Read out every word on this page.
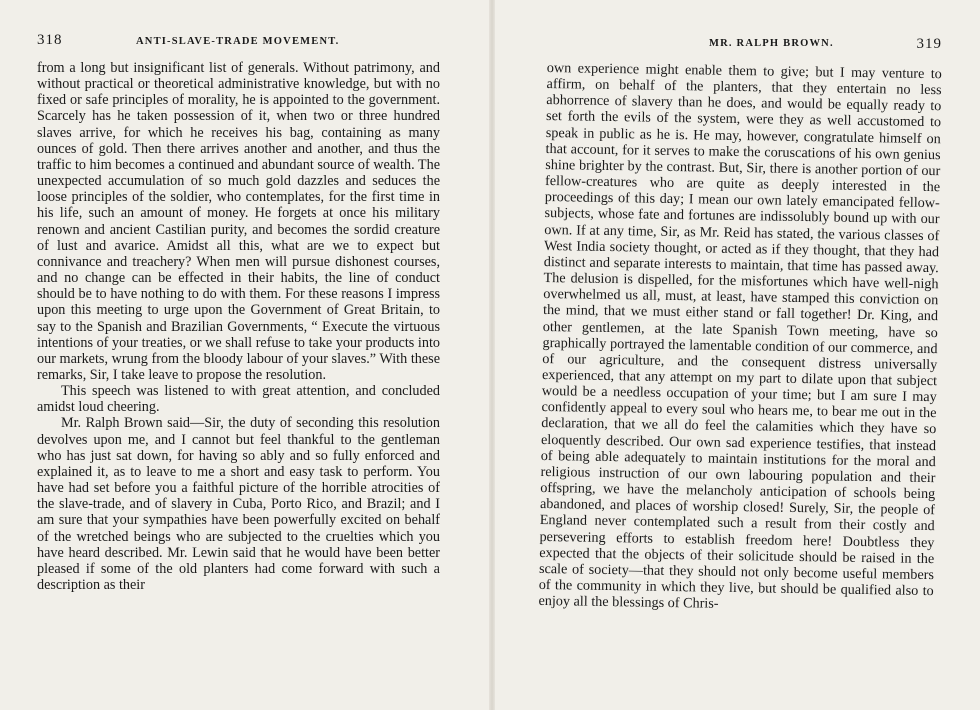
318	ANTI-SLAVE-TRADE MOVEMENT.

from a long but insignificant list of generals. Without patrimony, and without practical or theoretical administrative knowledge, but with no fixed or safe principles of morality, he is appointed to the government. Scarcely has he taken possession of it, when two or three hundred slaves arrive, for which he receives his bag, containing as many ounces of gold. Then there arrives another and another, and thus the traffic to him becomes a continued and abundant source of wealth. The unexpected accumulation of so much gold dazzles and seduces the loose principles of the soldier, who contemplates, for the first time in his life, such an amount of money. He forgets at once his military renown and ancient Castilian purity, and becomes the sordid creature of lust and avarice. Amidst all this, what are we to expect but connivance and treachery? When men will pursue dishonest courses, and no change can be effected in their habits, the line of conduct should be to have nothing to do with them. For these reasons I impress upon this meeting to urge upon the Government of Great Britain, to say to the Spanish and Brazilian Governments, “ Execute the virtuous intentions of your treaties, or we shall refuse to take your products into our markets, wrung from the bloody labour of your slaves.” With these remarks, Sir, I take leave to propose the resolution.

This speech was listened to with great attention, and concluded amidst loud cheering.

Mr. Ralph Brown said—Sir, the duty of seconding this resolution devolves upon me, and I cannot but feel thankful to the gentleman who has just sat down, for having so ably and so fully enforced and explained it, as to leave to me a short and easy task to perform. You have had set before you a faithful picture of the horrible atrocities of the slave-trade, and of slavery in Cuba, Porto Rico, and Brazil; and I am sure that your sympathies have been powerfully excited on behalf of the wretched beings who are subjected to the cruelties which you have heard described. Mr. Lewin said that he would have been better pleased if some of the old planters had come forward with such a description as their

MR. RALPH BROWN.	319

own experience might enable them to give; but I may venture to affirm, on behalf of the planters, that they entertain no less abhorrence of slavery than he does, and would be equally ready to set forth the evils of the system, were they as well accustomed to speak in public as he is. He may, however, congratulate himself on that account, for it serves to make the coruscations of his own genius shine brighter by the contrast. But, Sir, there is another portion of our fellow-creatures who are quite as deeply interested in the proceedings of this day; I mean our own lately emancipated fellow-subjects, whose fate and fortunes are indissolubly bound up with our own. If at any time, Sir, as Mr. Reid has stated, the various classes of West India society thought, or acted as if they thought, that they had distinct and separate interests to maintain, that time has passed away. The delusion is dispelled, for the misfortunes which have well-nigh overwhelmed us all, must, at least, have stamped this conviction on the mind, that we must either stand or fall together! Dr. King, and other gentlemen, at the late Spanish Town meeting, have so graphically portrayed the lamentable condition of our commerce, and of our agriculture, and the consequent distress universally experienced, that any attempt on my part to dilate upon that subject would be a needless occupation of your time; but I am sure I may confidently appeal to every soul who hears me, to bear me out in the declaration, that we all do feel the calamities which they have so eloquently described. Our own sad experience testifies, that instead of being able adequately to maintain institutions for the moral and religious instruction of our own labouring population and their offspring, we have the melancholy anticipation of schools being abandoned, and places of worship closed! Surely, Sir, the people of England never contemplated such a result from their costly and persevering efforts to establish freedom here! Doubtless they expected that the objects of their solicitude should be raised in the scale of society—that they should not only become useful members of the community in which they live, but should be qualified also to enjoy all the blessings of Chris-
